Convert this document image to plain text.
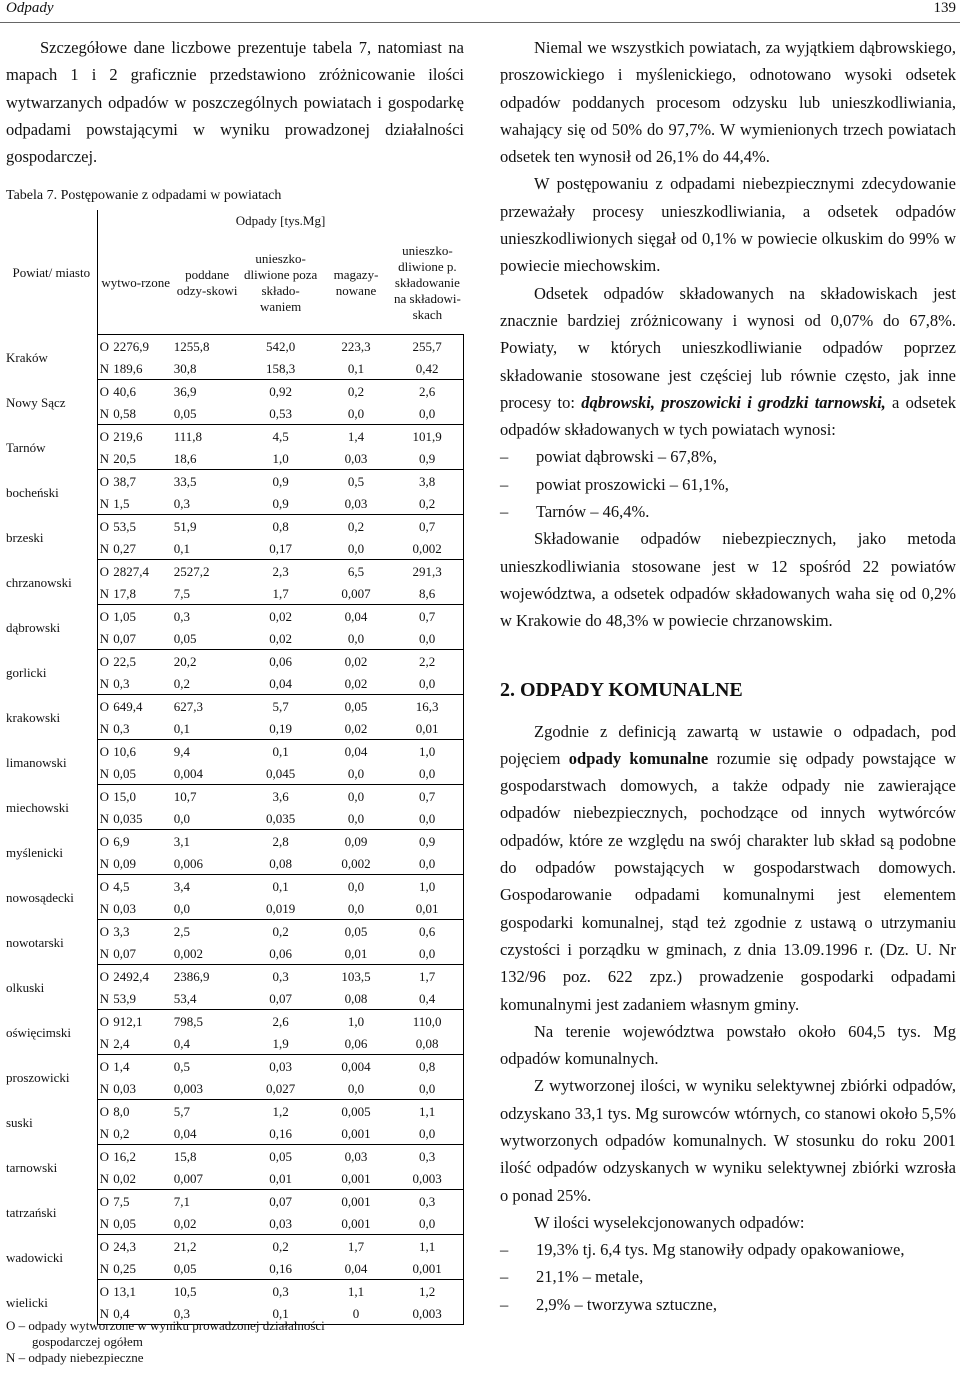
Odpady	139

Szczegółowe dane liczbowe prezentuje tabela 7, natomiast na mapach 1 i 2 graficznie przedstawiono zróżnicowanie ilości wytwarzanych odpadów w poszczególnych powiatach i gospodarkę odpadami powstającymi w wyniku prowadzonej działalności gospodarczej.

Tabela 7. Postępowanie z odpadami w powiatach
Powiat/ miasto	Odpady [tys.Mg]					
	wytwo-rzone		poddane odzy-skowi	unieszko-dliwione poza składo-waniem	magazy-nowane	unieszko-dliwione p. składowanie na składowi-skach
Kraków	O	2276,9	1255,8	542,0	223,3	255,7
	N	189,6	30,8	158,3	0,1	0,42
Nowy Sącz	O	40,6	36,9	0,92	0,2	2,6
	N	0,58	0,05	0,53	0,0	0,0
Tarnów	O	219,6	111,8	4,5	1,4	101,9
	N	20,5	18,6	1,0	0,03	0,9
bocheński	O	38,7	33,5	0,9	0,5	3,8
	N	1,5	0,3	0,9	0,03	0,2
brzeski	O	53,5	51,9	0,8	0,2	0,7
	N	0,27	0,1	0,17	0,0	0,002
chrzanowski	O	2827,4	2527,2	2,3	6,5	291,3
	N	17,8	7,5	1,7	0,007	8,6
dąbrowski	O	1,05	0,3	0,02	0,04	0,7
	N	0,07	0,05	0,02	0,0	0,0
gorlicki	O	22,5	20,2	0,06	0,02	2,2
	N	0,3	0,2	0,04	0,02	0,0
krakowski	O	649,4	627,3	5,7	0,05	16,3
	N	0,3	0,1	0,19	0,02	0,01
limanowski	O	10,6	9,4	0,1	0,04	1,0
	N	0,05	0,004	0,045	0,0	0,0
miechowski	O	15,0	10,7	3,6	0,0	0,7
	N	0,035	0,0	0,035	0,0	0,0
myślenicki	O	6,9	3,1	2,8	0,09	0,9
	N	0,09	0,006	0,08	0,002	0,0
nowosądecki	O	4,5	3,4	0,1	0,0	1,0
	N	0,03	0,0	0,019	0,0	0,01
nowotarski	O	3,3	2,5	0,2	0,05	0,6
	N	0,07	0,002	0,06	0,01	0,0
olkuski	O	2492,4	2386,9	0,3	103,5	1,7
	N	53,9	53,4	0,07	0,08	0,4
oświęcimski	O	912,1	798,5	2,6	1,0	110,0
	N	2,4	0,4	1,9	0,06	0,08
proszowicki	O	1,4	0,5	0,03	0,004	0,8
	N	0,03	0,003	0,027	0,0	0,0
suski	O	8,0	5,7	1,2	0,005	1,1
	N	0,2	0,04	0,16	0,001	0,0
tarnowski	O	16,2	15,8	0,05	0,03	0,3
	N	0,02	0,007	0,01	0,001	0,003
tatrzański	O	7,5	7,1	0,07	0,001	0,3
	N	0,05	0,02	0,03	0,001	0,0
wadowicki	O	24,3	21,2	0,2	1,7	1,1
	N	0,25	0,05	0,16	0,04	0,001
wielicki	O	13,1	10,5	0,3	1,1	1,2
	N	0,4	0,3	0,1	0	0,003
O – odpady wytworzone w wyniku prowadzonej działalności
gospodarczej ogółem
N – odpady niebezpieczne

Niemal we wszystkich powiatach, za wyjątkiem dąbrowskiego, proszowickiego i myślenickiego, odnotowano wysoki odsetek odpadów poddanych procesom odzysku lub unieszkodliwiania, wahający się od 50% do 97,7%. W wymienionych trzech powiatach odsetek ten wynosił od 26,1% do 44,4%.

W postępowaniu z odpadami niebezpiecznymi zdecydowanie przeważały procesy unieszkodliwiania, a odsetek odpadów unieszkodliwionych sięgał od 0,1% w powiecie olkuskim do 99% w powiecie miechowskim.

Odsetek odpadów składowanych na składowiskach jest znacznie bardziej zróżnicowany i wynosi od 0,07% do 67,8%. Powiaty, w których unieszkodliwianie odpadów poprzez składowanie stosowane jest częściej lub równie często, jak inne procesy to: dąbrowski, proszowicki i grodzki tarnowski, a odsetek odpadów składowanych w tych powiatach wynosi:

– powiat dąbrowski – 67,8%,
– powiat proszowicki – 61,1%,
– Tarnów – 46,4%.

Składowanie odpadów niebezpiecznych, jako metoda unieszkodliwiania stosowane jest w 12 spośród 22 powiatów województwa, a odsetek odpadów składowanych waha się od 0,2% w Krakowie do 48,3% w powiecie chrzanowskim.

2. ODPADY KOMUNALNE

Zgodnie z definicją zawartą w ustawie o odpadach, pod pojęciem odpady komunalne rozumie się odpady powstające w gospodarstwach domowych, a także odpady nie zawierające odpadów niebezpiecznych, pochodzące od innych wytwórców odpadów, które ze względu na swój charakter lub skład są podobne do odpadów powstających w gospodarstwach domowych. Gospodarowanie odpadami komunalnymi jest elementem gospodarki komunalnej, stąd też zgodnie z ustawą o utrzymaniu czystości i porządku w gminach, z dnia 13.09.1996 r. (Dz. U. Nr 132/96 poz. 622 zpz.) prowadzenie gospodarki odpadami komunalnymi jest zadaniem własnym gminy.

Na terenie województwa powstało około 604,5 tys. Mg odpadów komunalnych.

Z wytworzonej ilości, w wyniku selektywnej zbiórki odpadów, odzyskano 33,1 tys. Mg surowców wtórnych, co stanowi około 5,5% wytworzonych odpadów komunalnych. W stosunku do roku 2001 ilość odpadów odzyskanych w wyniku selektywnej zbiórki wzrosła o ponad 25%.

W ilości wyselekcjonowanych odpadów:

– 19,3% tj. 6,4 tys. Mg stanowiły odpady opakowaniowe,
– 21,1% – metale,
– 2,9% – tworzywa sztuczne,
